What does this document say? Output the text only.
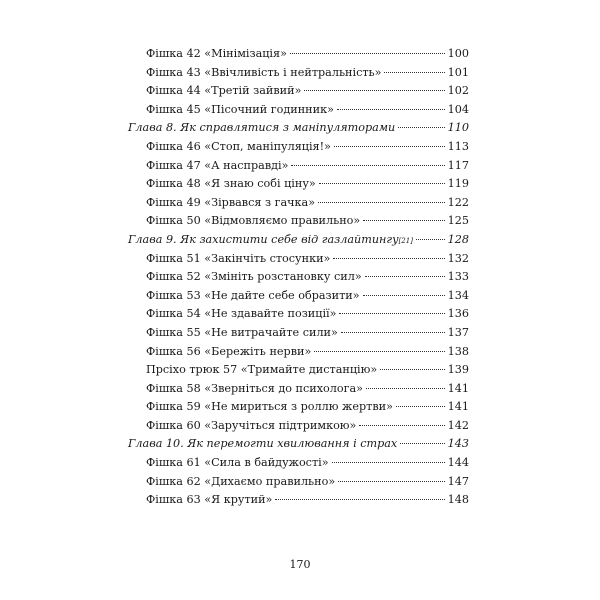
Фішка 42 «Мінімізація»	100
Фішка 43 «Ввічливість і нейтральність»	101
Фішка 44 «Третій зайвий»	102
Фішка 45 «Пісочний годинник»	104
Глава 8. Як справлятися з маніпуляторами	110
Фішка 46 «Стоп, маніпуляція!»	113
Фішка 47 «А насправді»	117
Фішка 48 «Я знаю собі ціну»	119
Фішка 49 «Зірвався з гачка»	122
Фішка 50 «Відмовляємо правильно»	125
Глава 9. Як захистити себе від газлайтингу [21]	128
Фішка 51 «Закінчіть стосунки»	132
Фішка 52 «Змініть розстановку сил»	133
Фішка 53 «Не дайте себе образити»	134
Фішка 54 «Не здавайте позиції»	136
Фішка 55 «Не витрачайте сили»	137
Фішка 56 «Бережіть нерви»	138
Прсіхо трюк 57 «Тримайте дистанцію»	139
Фішка 58 «Зверніться до психолога»	141
Фішка 59 «Не мириться з роллю жертви»	141
Фішка 60 «Заручіться підтримкою»	142
Глава 10. Як перемогти хвилювання і страх	143
Фішка 61 «Сила в байдужості»	144
Фішка 62 «Дихаємо правильно»	147
Фішка 63 «Я крутий»	148
170
